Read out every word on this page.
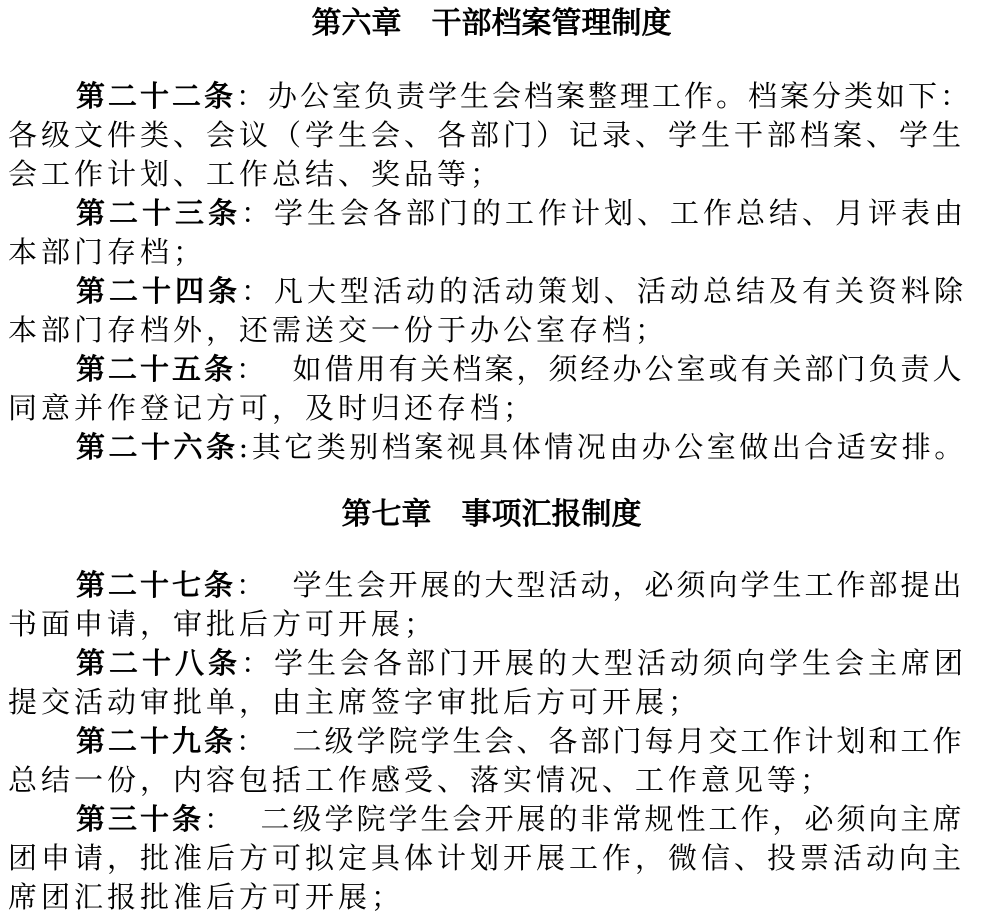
第六章　干部档案管理制度
第二十二条：办公室负责学生会档案整理工作。档案分类如下：
各级文件类、会议（学生会、各部门）记录、学生干部档案、学生
会工作计划、工作总结、奖品等；
第二十三条：学生会各部门的工作计划、工作总结、月评表由
本部门存档；
第二十四条：凡大型活动的活动策划、活动总结及有关资料除
本部门存档外，还需送交一份于办公室存档；
第二十五条：  如借用有关档案，须经办公室或有关部门负责人
同意并作登记方可，及时归还存档；
第二十六条:其它类别档案视具体情况由办公室做出合适安排。
第七章　事项汇报制度
第二十七条：  学生会开展的大型活动，必须向学生工作部提出
书面申请，审批后方可开展；
第二十八条：学生会各部门开展的大型活动须向学生会主席团
提交活动审批单，由主席签字审批后方可开展；
第二十九条：  二级学院学生会、各部门每月交工作计划和工作
总结一份，内容包括工作感受、落实情况、工作意见等；
第三十条：  二级学院学生会开展的非常规性工作，必须向主席
团申请，批准后方可拟定具体计划开展工作，微信、投票活动向主
席团汇报批准后方可开展；
